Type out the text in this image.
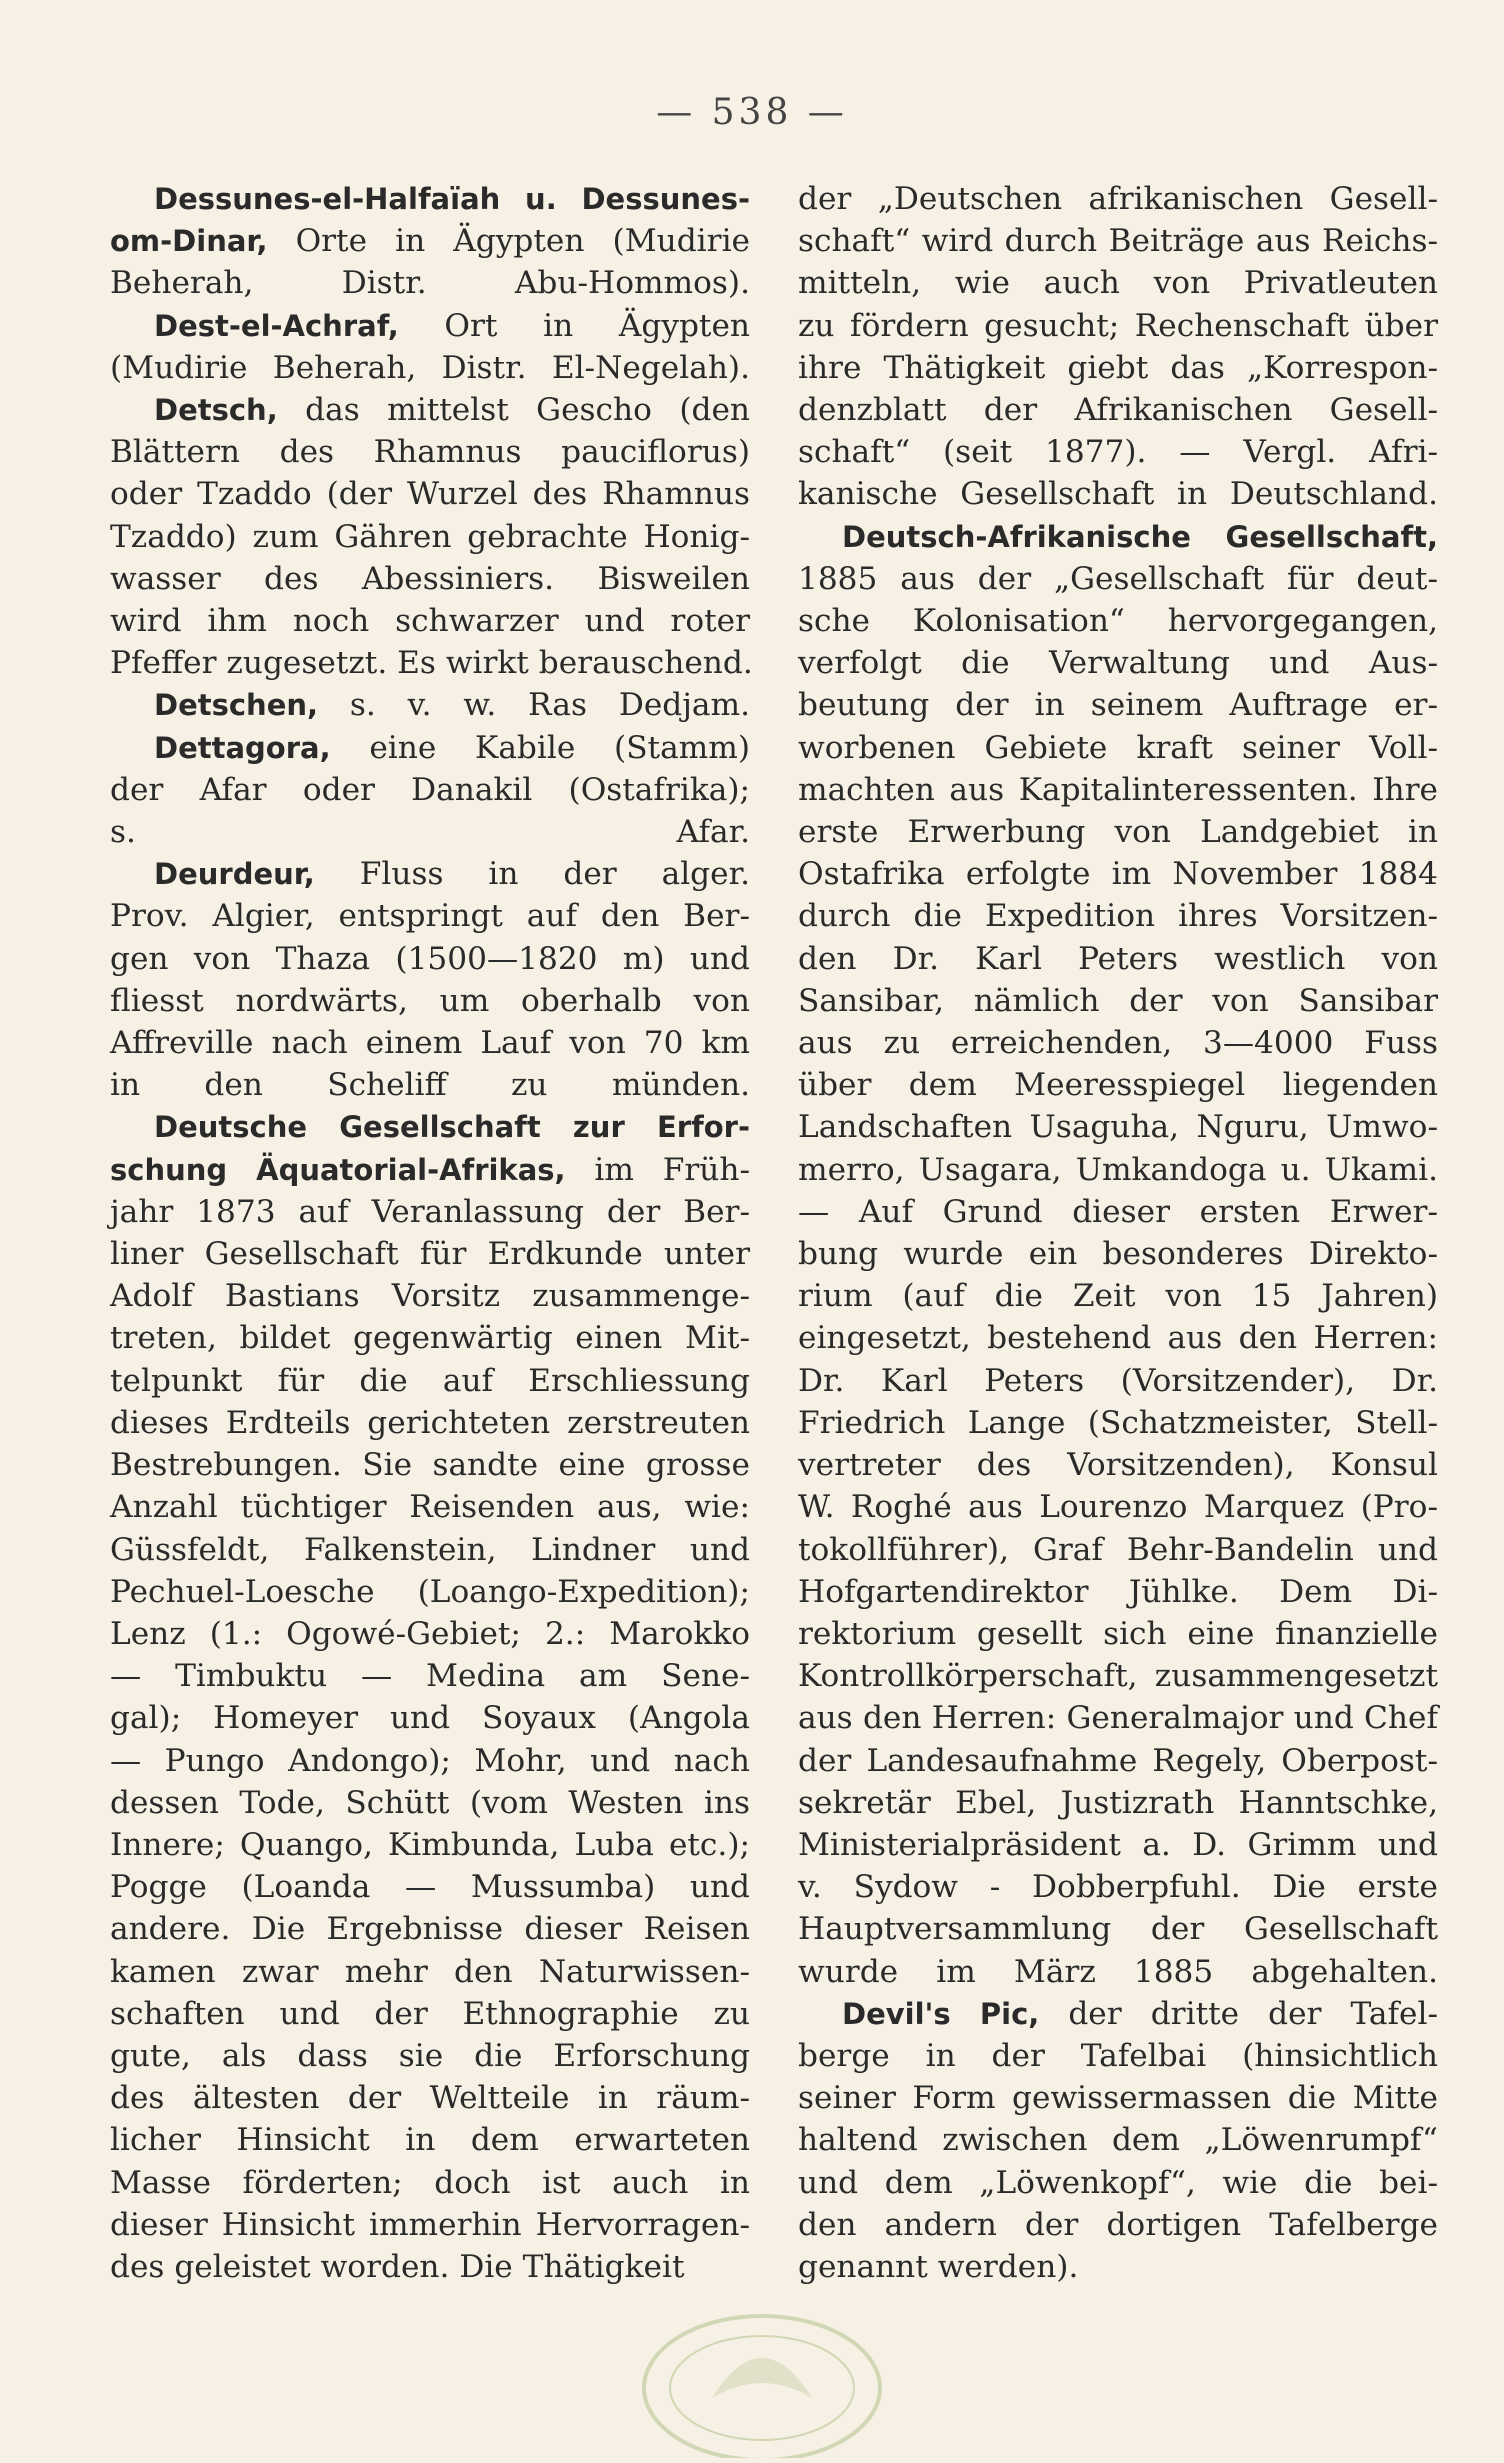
— 538 —
Dessunes-el-Halfaïah u. Dessunes-
om-Dinar, Orte in Ägypten (Mudirie
Beherah, Distr. Abu-Hommos).
Dest-el-Achraf, Ort in Ägypten
(Mudirie Beherah, Distr. El-Negelah).
Detsch, das mittelst Gescho (den
Blättern des Rhamnus pauciflorus)
oder Tzaddo (der Wurzel des Rhamnus
Tzaddo) zum Gähren gebrachte Honig-
wasser des Abessiniers. Bisweilen
wird ihm noch schwarzer und roter
Pfeffer zugesetzt. Es wirkt berauschend.
Detschen, s. v. w. Ras Dedjam.
Dettagora, eine Kabile (Stamm)
der Afar oder Danakil (Ostafrika);
s. Afar.
Deurdeur, Fluss in der alger.
Prov. Algier, entspringt auf den Ber-
gen von Thaza (1500—1820 m) und
fliesst nordwärts, um oberhalb von
Affreville nach einem Lauf von 70 km
in den Scheliff zu münden.
Deutsche Gesellschaft zur Erfor-
schung Äquatorial-Afrikas, im Früh-
jahr 1873 auf Veranlassung der Ber-
liner Gesellschaft für Erdkunde unter
Adolf Bastians Vorsitz zusammenge-
treten, bildet gegenwärtig einen Mit-
telpunkt für die auf Erschliessung
dieses Erdteils gerichteten zerstreuten
Bestrebungen. Sie sandte eine grosse
Anzahl tüchtiger Reisenden aus, wie:
Güssfeldt, Falkenstein, Lindner und
Pechuel-Loesche (Loango-Expedition);
Lenz (1.: Ogowé-Gebiet; 2.: Marokko
— Timbuktu — Medina am Sene-
gal); Homeyer und Soyaux (Angola
— Pungo Andongo); Mohr, und nach
dessen Tode, Schütt (vom Westen ins
Innere; Quango, Kimbunda, Luba etc.);
Pogge (Loanda — Mussumba) und
andere. Die Ergebnisse dieser Reisen
kamen zwar mehr den Naturwissen-
schaften und der Ethnographie zu
gute, als dass sie die Erforschung
des ältesten der Weltteile in räum-
licher Hinsicht in dem erwarteten
Masse förderten; doch ist auch in
dieser Hinsicht immerhin Hervorragen-
des geleistet worden. Die Thätigkeit
der „Deutschen afrikanischen Gesell-
schaft“ wird durch Beiträge aus Reichs-
mitteln, wie auch von Privatleuten
zu fördern gesucht; Rechenschaft über
ihre Thätigkeit giebt das „Korrespon-
denzblatt der Afrikanischen Gesell-
schaft“ (seit 1877). — Vergl. Afri-
kanische Gesellschaft in Deutschland.
Deutsch-Afrikanische Gesellschaft,
1885 aus der „Gesellschaft für deut-
sche Kolonisation“ hervorgegangen,
verfolgt die Verwaltung und Aus-
beutung der in seinem Auftrage er-
worbenen Gebiete kraft seiner Voll-
machten aus Kapitalinteressenten. Ihre
erste Erwerbung von Landgebiet in
Ostafrika erfolgte im November 1884
durch die Expedition ihres Vorsitzen-
den Dr. Karl Peters westlich von
Sansibar, nämlich der von Sansibar
aus zu erreichenden, 3—4000 Fuss
über dem Meeresspiegel liegenden
Landschaften Usaguha, Nguru, Umwo-
merro, Usagara, Umkandoga u. Ukami.
— Auf Grund dieser ersten Erwer-
bung wurde ein besonderes Direkto-
rium (auf die Zeit von 15 Jahren)
eingesetzt, bestehend aus den Herren:
Dr. Karl Peters (Vorsitzender), Dr.
Friedrich Lange (Schatzmeister, Stell-
vertreter des Vorsitzenden), Konsul
W. Roghé aus Lourenzo Marquez (Pro-
tokollführer), Graf Behr-Bandelin und
Hofgartendirektor Jühlke. Dem Di-
rektorium gesellt sich eine finanzielle
Kontrollkörperschaft, zusammengesetzt
aus den Herren: Generalmajor und Chef
der Landesaufnahme Regely, Oberpost-
sekretär Ebel, Justizrath Hanntschke,
Ministerialpräsident a. D. Grimm und
v. Sydow - Dobberpfuhl. Die erste
Hauptversammlung der Gesellschaft
wurde im März 1885 abgehalten.
Devil's Pic, der dritte der Tafel-
berge in der Tafelbai (hinsichtlich
seiner Form gewissermassen die Mitte
haltend zwischen dem „Löwenrumpf“
und dem „Löwenkopf“, wie die bei-
den andern der dortigen Tafelberge
genannt werden).
